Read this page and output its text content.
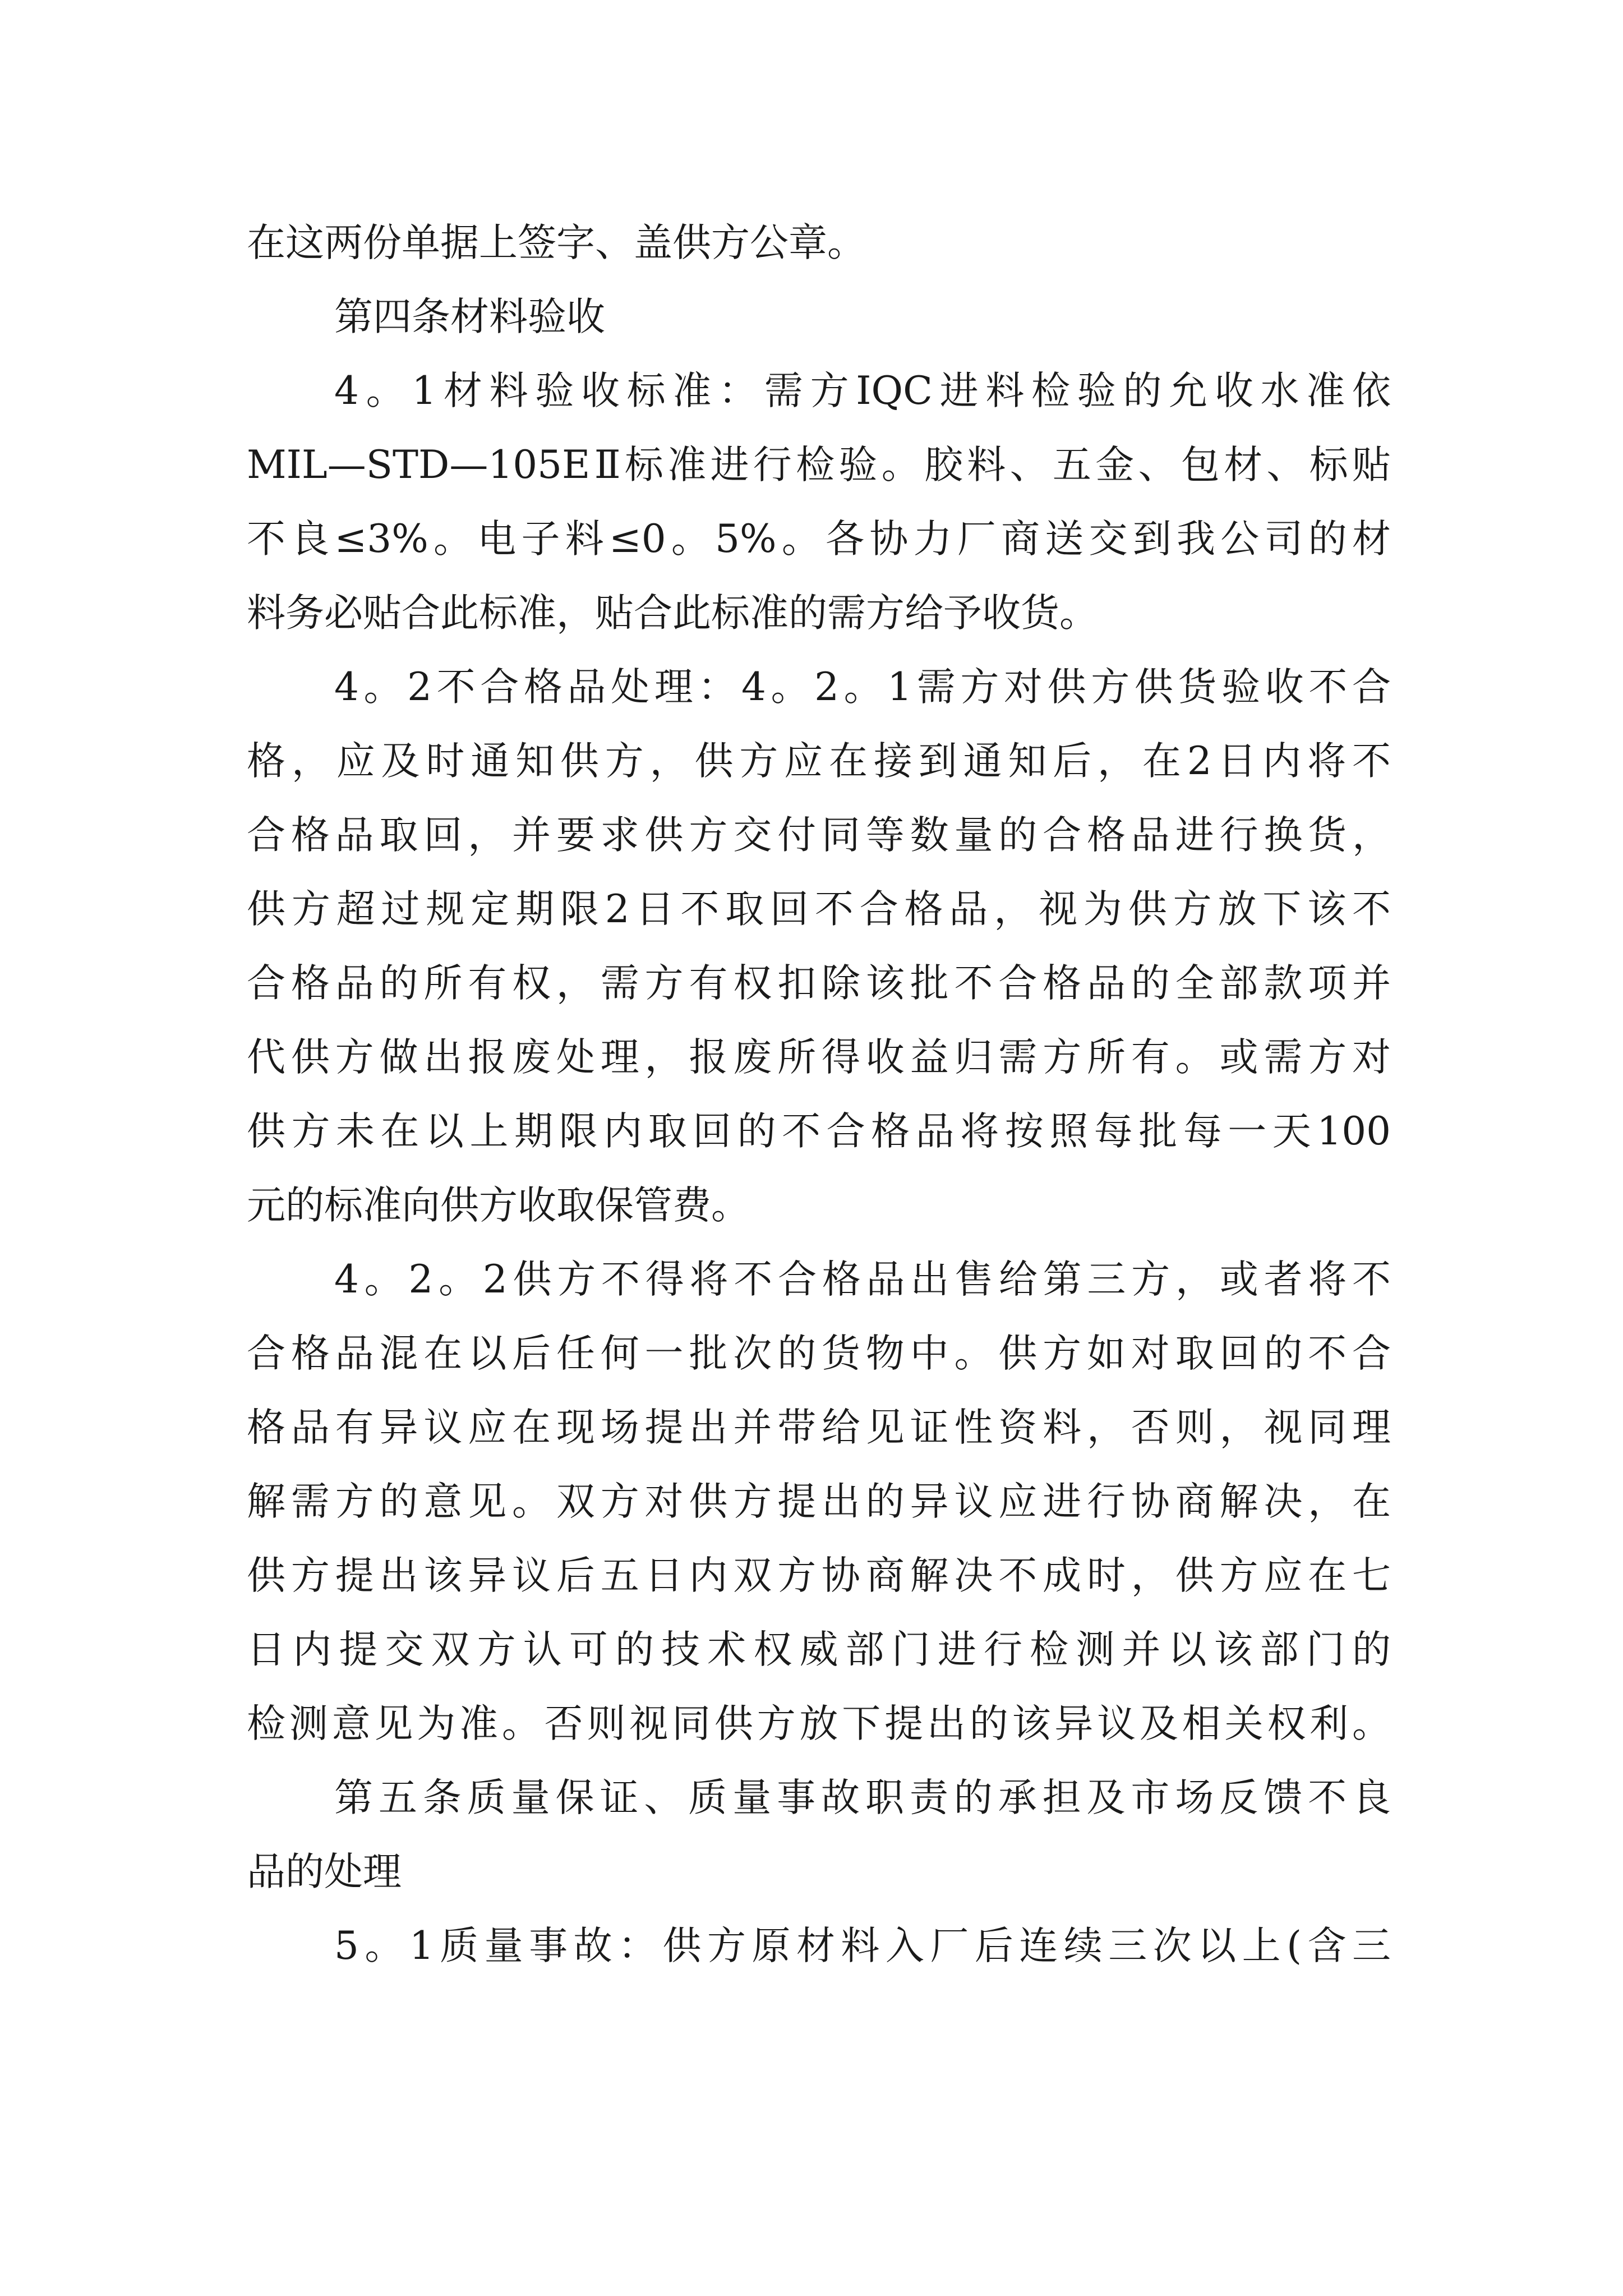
在这两份单据上签字、盖供方公章。
第四条材料验收
4。1材料验收标准：需方IQC进料检验的允收水准依
MIL—STD—105EⅡ标准进行检验。胶料、五金、包材、标贴
不良≤3%。电子料≤0。5%。各协力厂商送交到我公司的材
料务必贴合此标准，贴合此标准的需方给予收货。
4。2不合格品处理：4。2。1需方对供方供货验收不合
格，应及时通知供方，供方应在接到通知后，在2日内将不
合格品取回，并要求供方交付同等数量的合格品进行换货，
供方超过规定期限2日不取回不合格品，视为供方放下该不
合格品的所有权，需方有权扣除该批不合格品的全部款项并
代供方做出报废处理，报废所得收益归需方所有。或需方对
供方未在以上期限内取回的不合格品将按照每批每一天100
元的标准向供方收取保管费。
4。2。2供方不得将不合格品出售给第三方，或者将不
合格品混在以后任何一批次的货物中。供方如对取回的不合
格品有异议应在现场提出并带给见证性资料，否则，视同理
解需方的意见。双方对供方提出的异议应进行协商解决，在
供方提出该异议后五日内双方协商解决不成时，供方应在七
日内提交双方认可的技术权威部门进行检测并以该部门的
检测意见为准。否则视同供方放下提出的该异议及相关权利。
第五条质量保证、质量事故职责的承担及市场反馈不良
品的处理
5。1质量事故：供方原材料入厂后连续三次以上(含三
